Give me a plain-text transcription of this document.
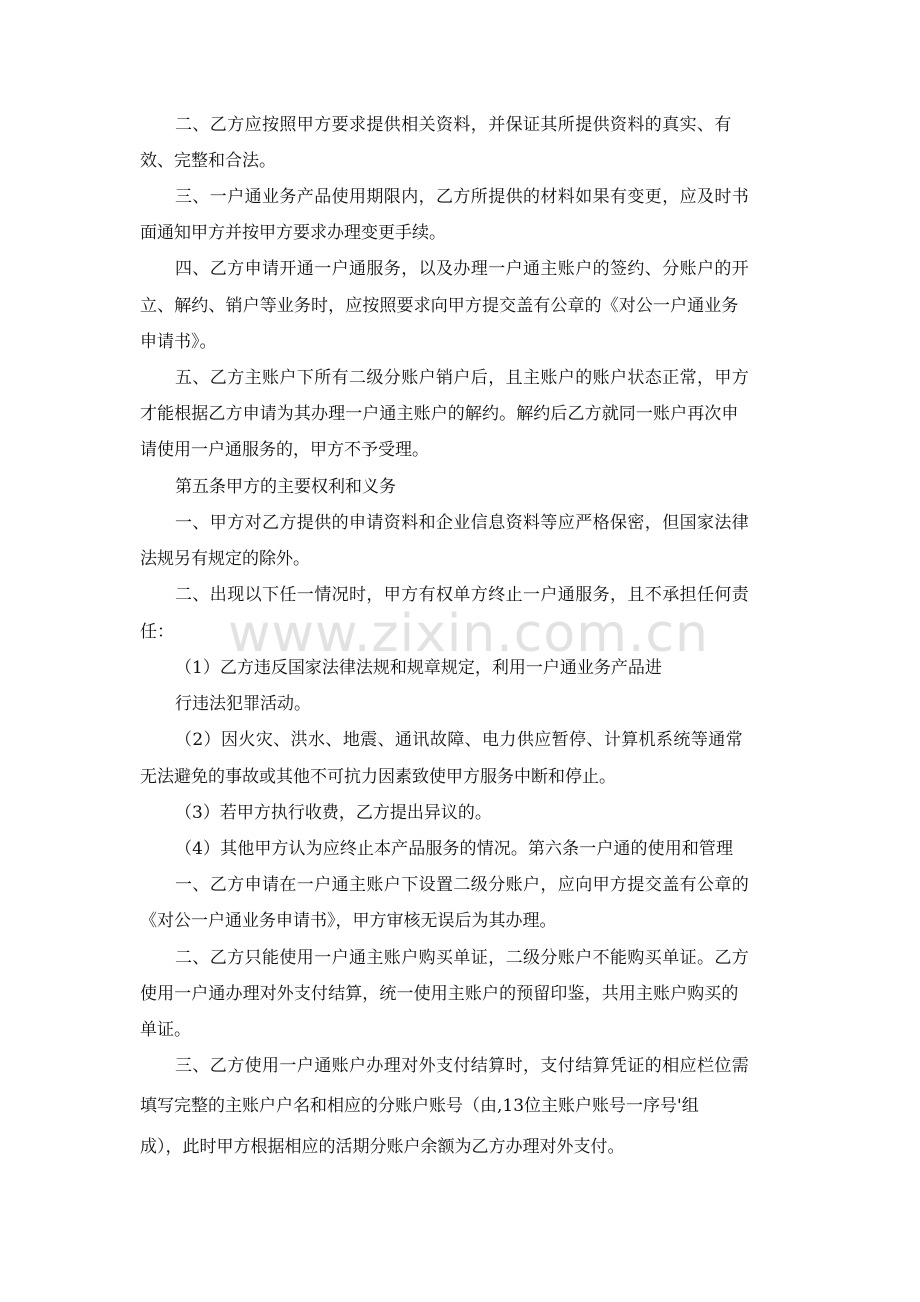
www.zixin.com.cn

二、乙方应按照甲方要求提供相关资料，并保证其所提供资料的真实、有

效、完整和合法。

三、一户通业务产品使用期限内，乙方所提供的材料如果有变更，应及时书

面通知甲方并按甲方要求办理变更手续。

四、乙方申请开通一户通服务，以及办理一户通主账户的签约、分账户的开

立、解约、销户等业务时，应按照要求向甲方提交盖有公章的《对公一户通业务

申请书》。

五、乙方主账户下所有二级分账户销户后，且主账户的账户状态正常，甲方

才能根据乙方申请为其办理一户通主账户的解约。解约后乙方就同一账户再次申

请使用一户通服务的，甲方不予受理。

第五条甲方的主要权利和义务

一、甲方对乙方提供的申请资料和企业信息资料等应严格保密，但国家法律

法规另有规定的除外。

二、出现以下任一情况时，甲方有权单方终止一户通服务，且不承担任何责

任：

（1）乙方违反国家法律法规和规章规定，利用一户通业务产品进

行违法犯罪活动。

（2）因火灾、洪水、地震、通讯故障、电力供应暂停、计算机系统等通常

无法避免的事故或其他不可抗力因素致使甲方服务中断和停止。

（3）若甲方执行收费，乙方提出异议的。

（4）其他甲方认为应终止本产品服务的情况。第六条一户通的使用和管理

一、乙方申请在一户通主账户下设置二级分账户，应向甲方提交盖有公章的

《对公一户通业务申请书》，甲方审核无误后为其办理。

二、乙方只能使用一户通主账户购买单证，二级分账户不能购买单证。乙方

使用一户通办理对外支付结算，统一使用主账户的预留印鉴，共用主账户购买的

单证。

三、乙方使用一户通账户办理对外支付结算时，支付结算凭证的相应栏位需

填写完整的主账户户名和相应的分账户账号（由,13位主账户账号一序号'组

成），此时甲方根据相应的活期分账户余额为乙方办理对外支付。
